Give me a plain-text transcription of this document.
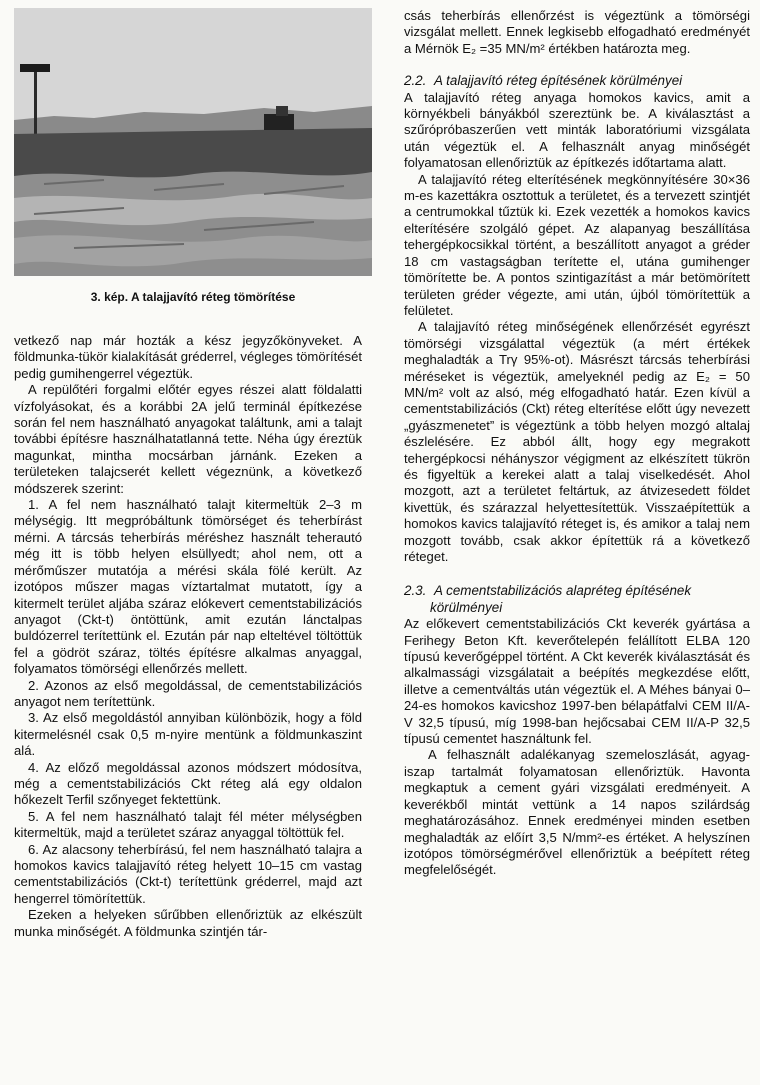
3. kép. A talajjavító réteg tömörítése

vetkező nap már hozták a kész jegyzőkönyveket. A földmunka-tükör kialakítását gréderrel, végleges tömörítését pedig gumihengerrel végeztük.

A repülőtéri forgalmi előtér egyes részei alatt földalatti vízfolyásokat, és a korábbi 2A jelű terminál építkezése során fel nem használható anyagokat találtunk, ami a talajt további építésre használhatatlanná tette. Néha úgy éreztük magunkat, mintha mocsárban járnánk. Ezeken a területeken talajcserét kellett végeznünk, a következő módszerek szerint:

1. A fel nem használható talajt kitermeltük 2–3 m mélységig. Itt megpróbáltunk tömörséget és teherbírást mérni. A tárcsás teherbírás méréshez használt teherautó még itt is több helyen elsüllyedt; ahol nem, ott a mérőműszer mutatója a mérési skála fölé került. Az izotópos műszer magas víztartalmat mutatott, így a kitermelt terület aljába száraz elókevert cementstabilizációs anyagot (Ckt-t) öntöttünk, amit ezután lánctalpas buldózerrel terítettünk el. Ezután pár nap elteltével töltöttük fel a gödröt száraz, töltés építésre alkalmas anyaggal, folyamatos tömörségi ellenőrzés mellett.

2. Azonos az első megoldással, de cementstabilizációs anyagot nem terítettünk.

3. Az első megoldástól annyiban különbözik, hogy a föld kitermelésnél csak 0,5 m-nyire mentünk a földmunkaszint alá.

4. Az előző megoldással azonos módszert módosítva, még a cementstabilizációs Ckt réteg alá egy oldalon hőkezelt Terfil szőnyeget fektettünk.

5. A fel nem használható talajt fél méter mélységben kitermeltük, majd a területet száraz anyaggal töltöttük fel.

6. Az alacsony teherbírású, fel nem használható talajra a homokos kavics talajjavító réteg helyett 10–15 cm vastag cementstabilizációs (Ckt-t) terítettünk gréderrel, majd azt hengerrel tömörítettük.

Ezeken a helyeken sűrűbben ellenőriztük az elkészült munka minőségét. A földmunka szintjén tár-

csás teherbírás ellenőrzést is végeztünk a tömörségi vizsgálat mellett. Ennek legkisebb elfogadható eredményét a Mérnök E₂ =35 MN/m² értékben határozta meg.

2.2. A talajjavító réteg építésének körülményei

A talajjavító réteg anyaga homokos kavics, amit a környékbeli bányákból szereztünk be. A kiválasztást a szűrópróbaszerűen vett minták laboratóriumi vizsgálata után végeztük el. A felhasznált anyag minőségét folyamatosan ellenőriztük az építkezés időtartama alatt.

A talajjavító réteg elterítésének megkönnyítésére 30×36 m-es kazettákra osztottuk a területet, és a tervezett szintjét a centrumokkal tűztük ki. Ezek vezették a homokos kavics elterítésére szolgáló gépet. Az alapanyag beszállítása tehergépkocsikkal történt, a beszállított anyagot a gréder 18 cm vastagságban terítette el, utána gumihenger tömörítette be. A pontos szintigazítást a már betömörített területen gréder végezte, ami után, újból tömörítettük a felületet.

A talajjavító réteg minőségének ellenőrzését egyrészt tömörségi vizsgálattal végeztük (a mért értékek meghaladták a Trγ 95%-ot). Másrészt tárcsás teherbírási méréseket is végeztük, amelyeknél pedig az E₂ = 50 MN/m² volt az alsó, még elfogadható határ. Ezen kívül a cementstabilizációs (Ckt) réteg elterítése előtt úgy nevezett „gyászmenetet” is végeztünk a több helyen mozgó altalaj észlelésére. Ez abból állt, hogy egy megrakott tehergépkocsi néhányszor végigment az elkészített tükrön és figyeltük a kerekei alatt a talaj viselkedését. Ahol mozgott, azt a területet feltártuk, az átvizesedett földet kivettük, és szárazzal helyettesítettük. Visszaépítettük a homokos kavics talajjavító réteget is, és amikor a talaj nem mozgott tovább, csak akkor építettük rá a következő réteget.

2.3. A cementstabilizációs alapréteg építésének
körülményei

Az előkevert cementstabilizációs Ckt keverék gyártása a Ferihegy Beton Kft. keverőtelepén felállított ELBA 120 típusú keverőgéppel történt. A Ckt keverék kiválasztását és alkalmassági vizsgálatait a beépítés megkezdése előtt, illetve a cementváltás után végeztük el. A Méhes bányai 0–24-es homokos kavicshoz 1997-ben bélapátfalvi CEM II/A-V 32,5 típusú, míg 1998-ban hejőcsabai CEM II/A-P 32,5 típusú cementet használtunk fel.

A felhasznált adalékanyag szemeloszlását, agyag-iszap tartalmát folyamatosan ellenőriztük. Havonta megkaptuk a cement gyári vizsgálati eredményeit. A keverékből mintát vettünk a 14 napos szilárdság meghatározásához. Ennek eredményei minden esetben meghaladták az előírt 3,5 N/mm²-es értéket. A helyszínen izotópos tömörségmérővel ellenőriztük a beépített réteg megfelelőségét.
